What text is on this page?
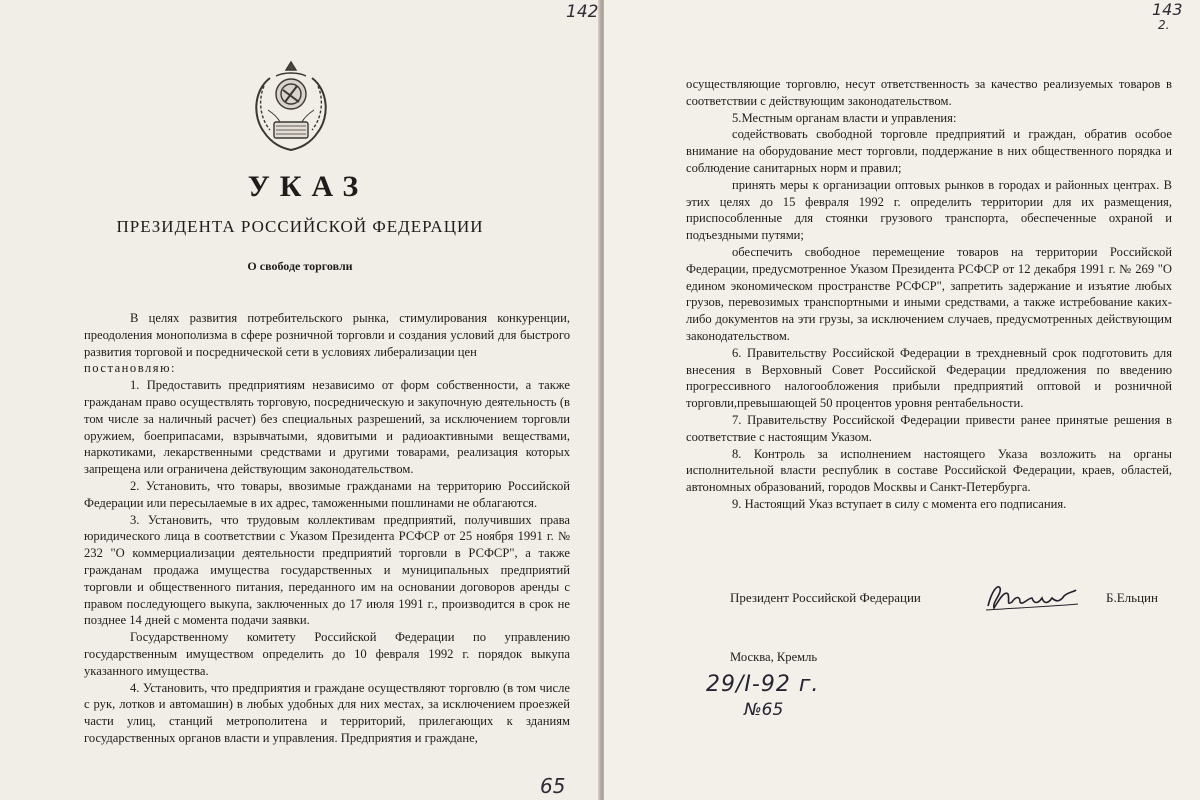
УКАЗ
ПРЕЗИДЕНТА РОССИЙСКОЙ ФЕДЕРАЦИИ
О свободе торговли

В целях развития потребительского рынка, стимулирования конкуренции, преодоления монополизма в сфере розничной торговли и создания условий для быстрого развития торговой и посреднической сети в условиях либерализации цен

постановляю:

1. Предоставить предприятиям независимо от форм собственности, а также гражданам право осуществлять торговую, посредническую и закупочную деятельность (в том числе за наличный расчет) без специальных разрешений, за исключением торговли оружием, боеприпасами, взрывчатыми, ядовитыми и радиоактивными веществами, наркотиками, лекарственными средствами и другими товарами, реализация которых запрещена или ограничена действующим законодательством.

2. Установить, что товары, ввозимые гражданами на территорию Российской Федерации или пересылаемые в их адрес, таможенными пошлинами не облагаются.

3. Установить, что трудовым коллективам предприятий, получивших права юридического лица в соответствии с Указом Президента РСФСР от 25 ноября 1991 г. № 232 "О коммерциализации деятельности предприятий торговли в РСФСР", а также гражданам продажа имущества государственных и муниципальных предприятий торговли и общественного питания, переданного им на основании договоров аренды с правом последующего выкупа, заключенных до 17 июля 1991 г., производится в срок не позднее 14 дней с момента подачи заявки.

Государственному комитету Российской Федерации по управлению государственным имуществом определить до 10 февраля 1992 г. порядок выкупа указанного имущества.

4. Установить, что предприятия и граждане осуществляют торговлю (в том числе с рук, лотков и автомашин) в любых удобных для них местах, за исключением проезжей части улиц, станций метрополитена и территорий, прилегающих к зданиям государственных органов власти и управления. Предприятия и граждане,

осуществляющие торговлю, несут ответственность за качество реализуемых товаров в соответствии с действующим законодательством.

5.Местным органам власти и управления:

содействовать свободной торговле предприятий и граждан, обратив особое внимание на оборудование мест торговли, поддержание в них общественного порядка и соблюдение санитарных норм и правил;

принять меры к организации оптовых рынков в городах и районных центрах. В этих целях до 15 февраля 1992 г. определить территории для их размещения, приспособленные для стоянки грузового транспорта, обеспеченные охраной и подъездными путями;

обеспечить свободное перемещение товаров на территории Российской Федерации, предусмотренное Указом Президента РСФСР от 12 декабря 1991 г. № 269 "О едином экономическом пространстве РСФСР", запретить задержание и изъятие любых грузов, перевозимых транспортными и иными средствами, а также истребование каких-либо документов на эти грузы, за исключением случаев, предусмотренных действующим законодательством.

6. Правительству Российской Федерации в трехдневный срок подготовить для внесения в Верховный Совет Российской Федерации предложения по введению прогрессивного налогообложения прибыли предприятий оптовой и розничной торговли,превышающей 50 процентов уровня рентабельности.

7. Правительству Российской Федерации привести ранее принятые решения в соответствие с настоящим Указом.

8. Контроль за исполнением настоящего Указа возложить на органы исполнительной власти республик в составе Российской Федерации, краев, областей, автономных образований, городов Москвы и Санкт-Петербурга.

9. Настоящий Указ вступает в силу с момента его подписания.

Президент Российской Федерации	Б.Ельцин
Москва, Кремль
29/I-92 г.
№65
142	143
2.
65
